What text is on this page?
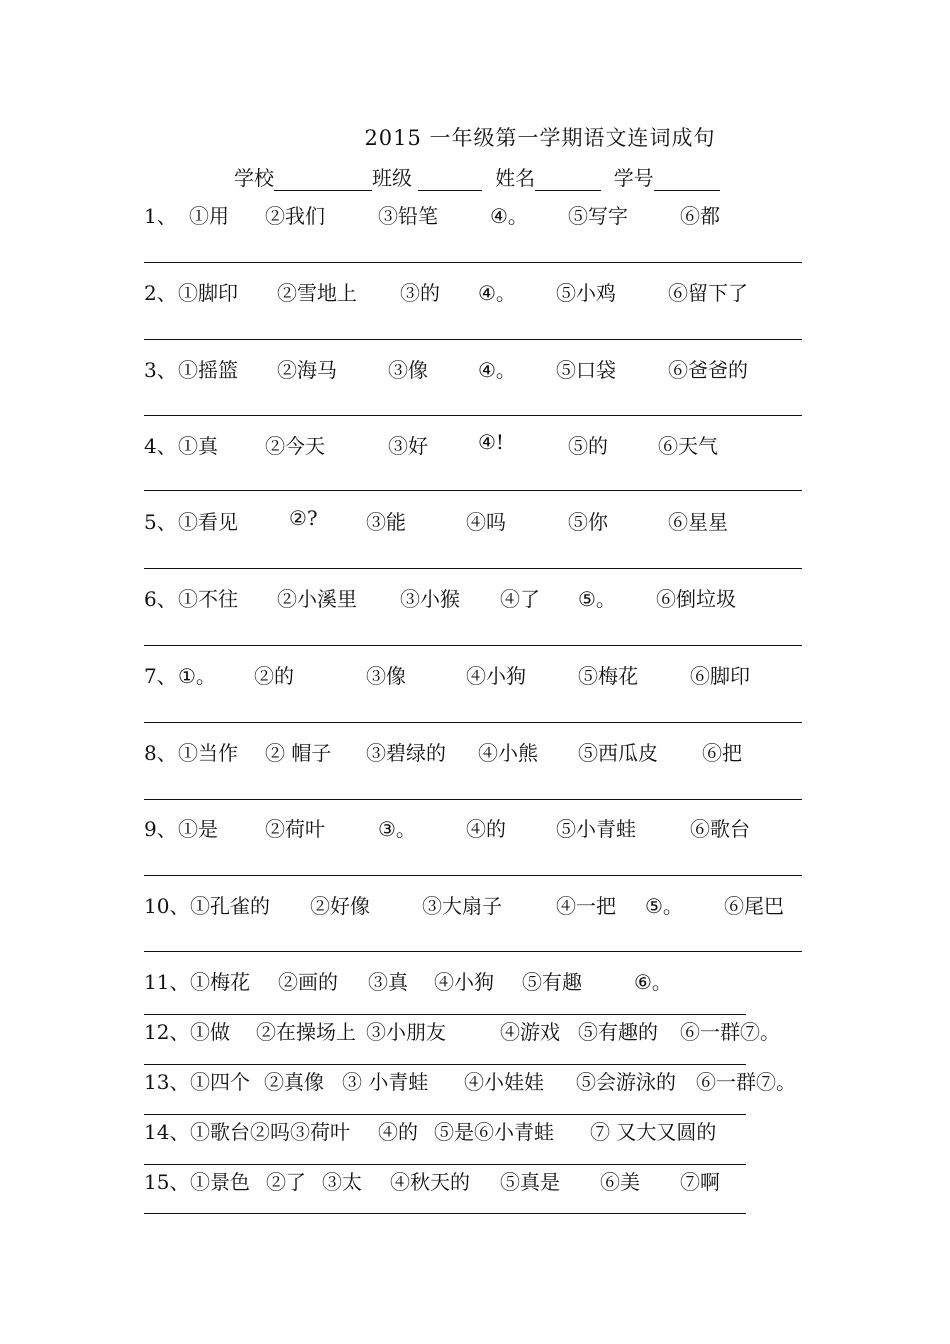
2015 一年级第一学期语文连词成句
学校	班级	姓名	学号
1、 ①用 ②我们	③铅笔	④。 ⑤写字	⑥都
2、 ①脚印 ②雪地上 ③的 ④。 ⑤小鸡	⑥留下了
3、 ①摇篮 ②海马	③像	④。 ⑤口袋	⑥爸爸的
4、 ①真 ②今天	③好	④!	⑤的	⑥天气
5、 ①看见	②? ③能	④吗	⑤你	⑥星星
6、 ①不往 ②小溪里 ③小猴 ④了 ⑤。 ⑥倒垃圾
7、 ①。 ②的	③像	④小狗	⑤梅花	⑥脚印
8、 ①当作 ② 帽子 ③碧绿的 ④小熊 ⑤西瓜皮 ⑥把
9、 ①是 ②荷叶	③。	④的	⑤小青蛙	⑥歌台
10、 ①孔雀的 ②好像	③大扇子	④一把 ⑤。 ⑥尾巴
11、 ①梅花 ②画的 ③真 ④小狗 ⑤有趣	⑥。
12、 ①做 ②在操场上 ③小朋友	④游戏 ⑤有趣的 ⑥一群⑦。
13、 ①四个 ②真像 ③ 小青蛙 ④小娃娃 ⑤会游泳的 ⑥一群⑦。
14、 ①歌台②吗③荷叶 ④的 ⑤是⑥小青蛙 ⑦ 又大又圆的
15、 ①景色 ②了 ③太 ④秋天的 ⑤真是 ⑥美 ⑦啊
